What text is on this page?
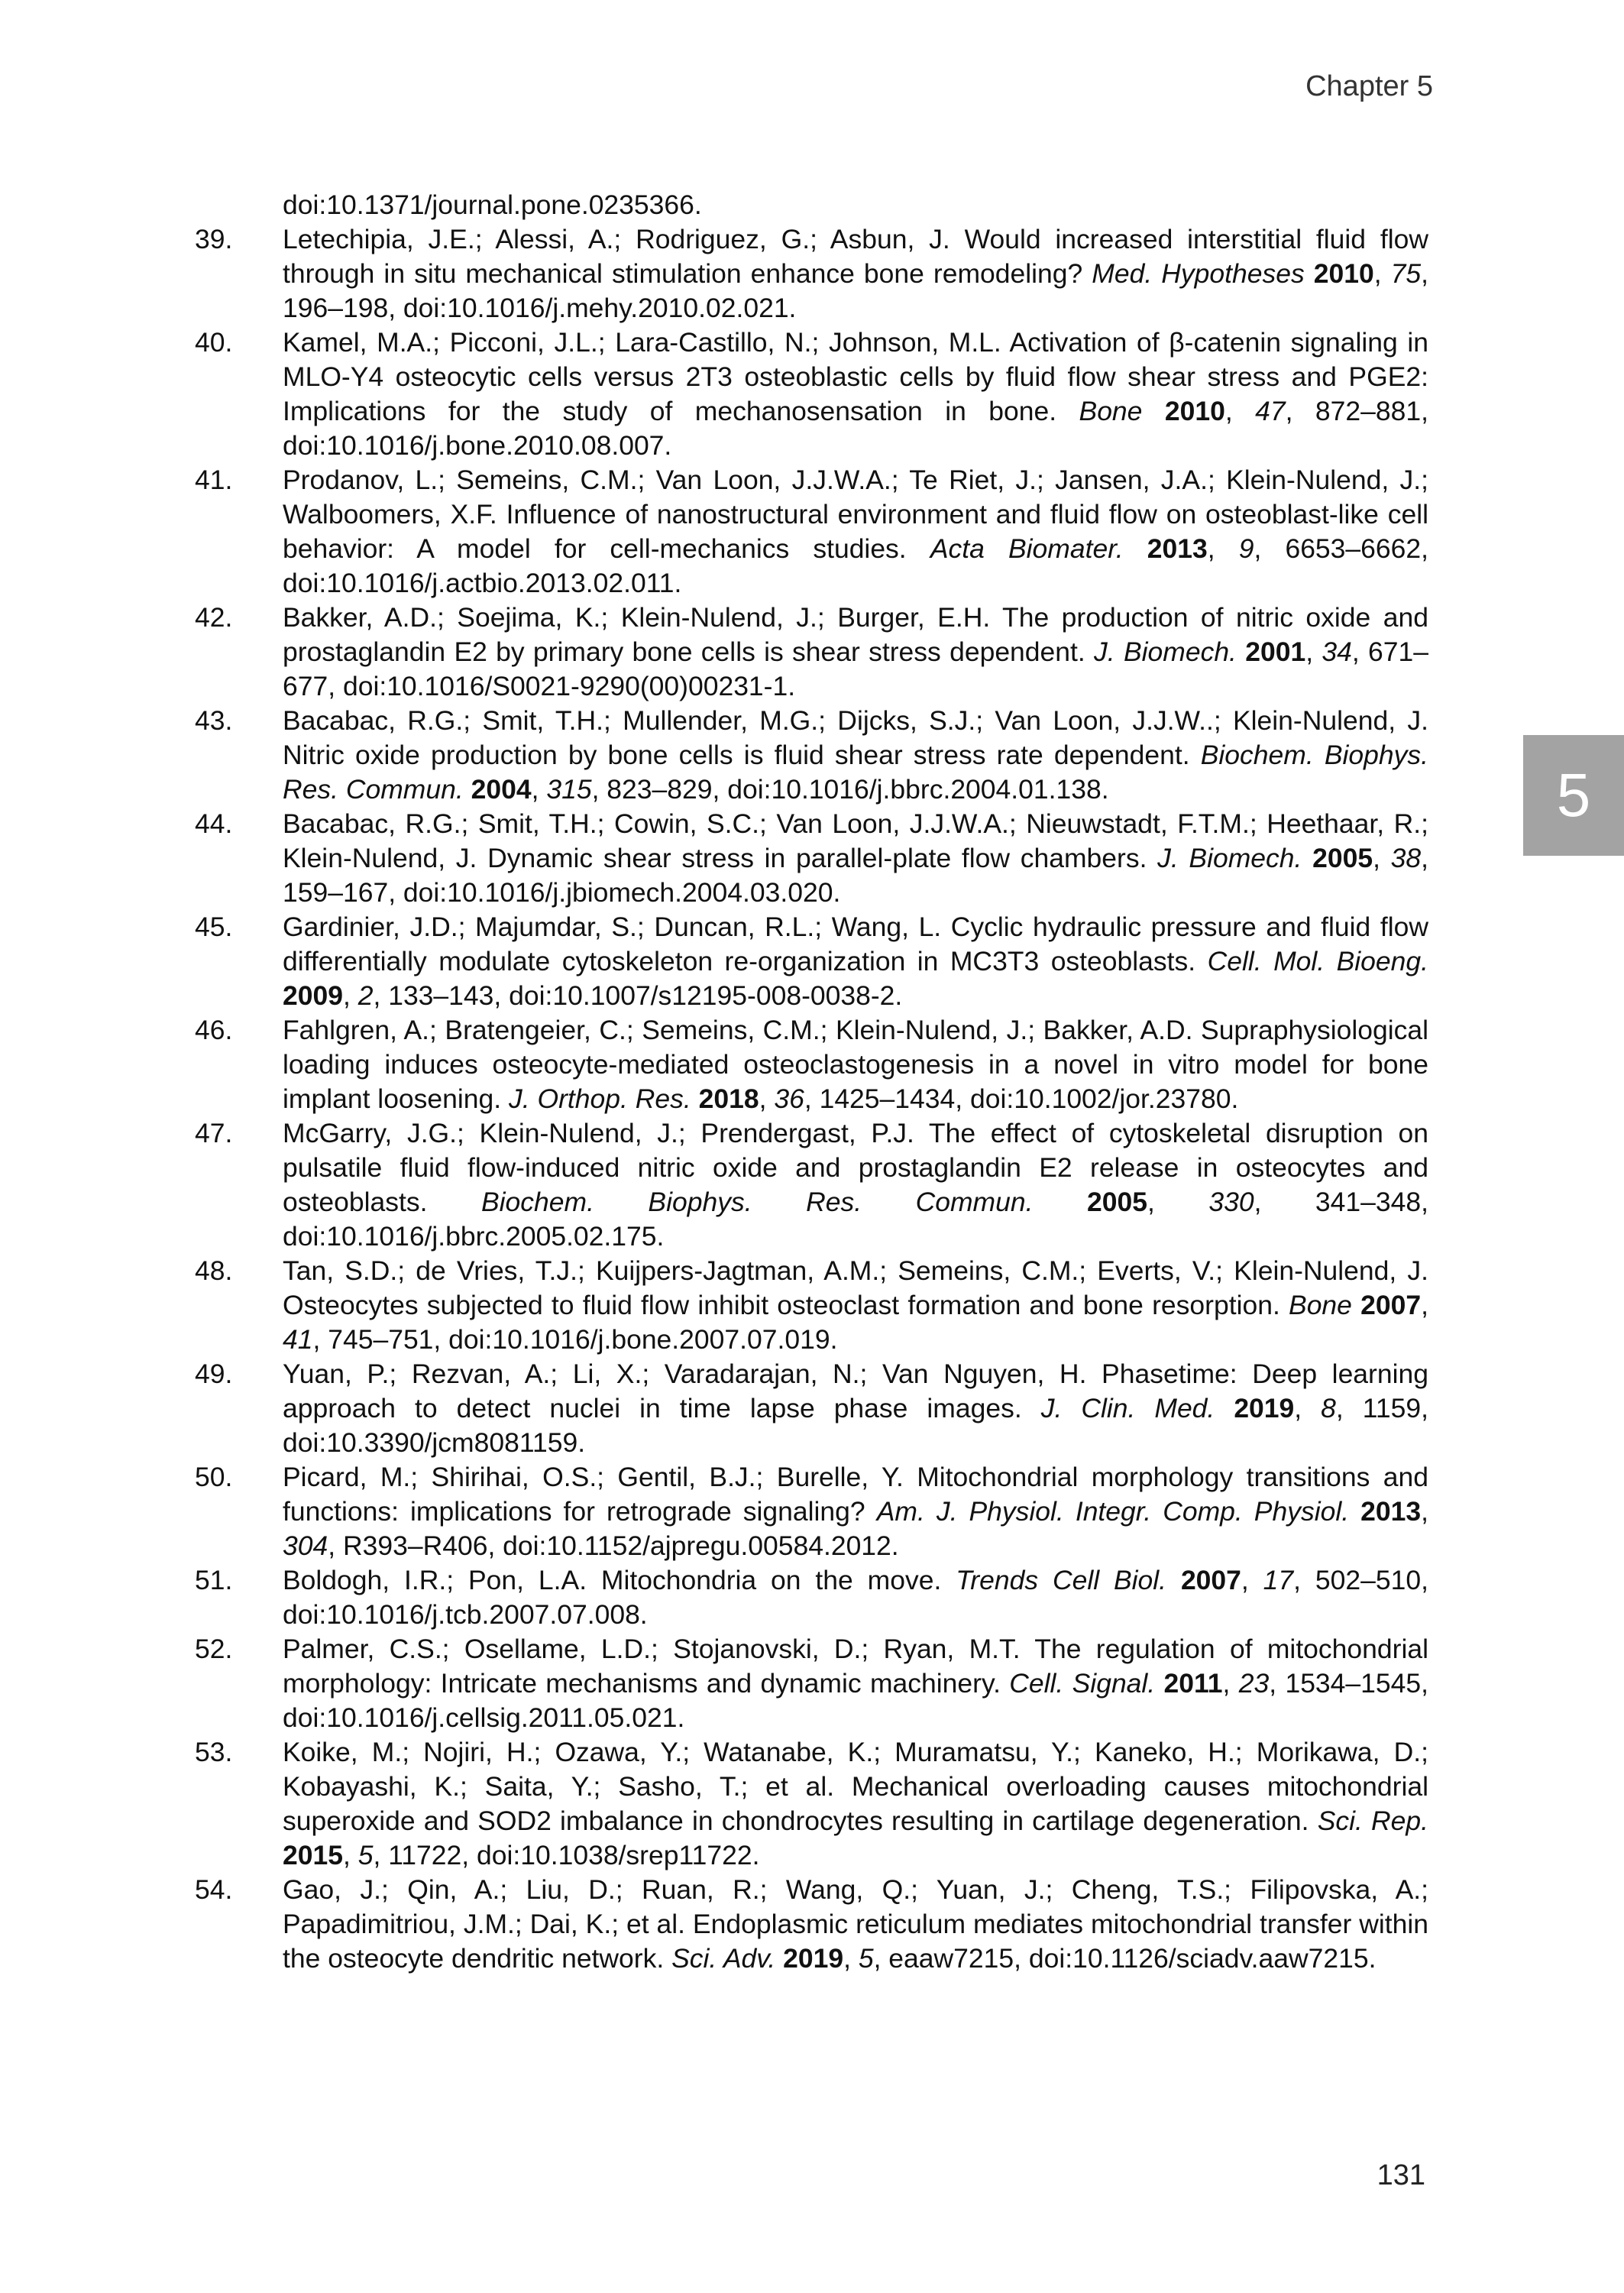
Chapter 5
5
doi:10.1371/journal.pone.0235366.
39.	Letechipia, J.E.; Alessi, A.; Rodriguez, G.; Asbun, J. Would increased interstitial fluid flow through in situ mechanical stimulation enhance bone remodeling? Med. Hypotheses 2010, 75, 196–198, doi:10.1016/j.mehy.2010.02.021.
40.	Kamel, M.A.; Picconi, J.L.; Lara-Castillo, N.; Johnson, M.L. Activation of β-catenin signaling in MLO-Y4 osteocytic cells versus 2T3 osteoblastic cells by fluid flow shear stress and PGE2: Implications for the study of mechanosensation in bone. Bone 2010, 47, 872–881, doi:10.1016/j.bone.2010.08.007.
41.	Prodanov, L.; Semeins, C.M.; Van Loon, J.J.W.A.; Te Riet, J.; Jansen, J.A.; Klein-Nulend, J.; Walboomers, X.F. Influence of nanostructural environment and fluid flow on osteoblast-like cell behavior: A model for cell-mechanics studies. Acta Biomater. 2013, 9, 6653–6662, doi:10.1016/j.actbio.2013.02.011.
42.	Bakker, A.D.; Soejima, K.; Klein-Nulend, J.; Burger, E.H. The production of nitric oxide and prostaglandin E2 by primary bone cells is shear stress dependent. J. Biomech. 2001, 34, 671–677, doi:10.1016/S0021-9290(00)00231-1.
43.	Bacabac, R.G.; Smit, T.H.; Mullender, M.G.; Dijcks, S.J.; Van Loon, J.J.W..; Klein-Nulend, J. Nitric oxide production by bone cells is fluid shear stress rate dependent. Biochem. Biophys. Res. Commun. 2004, 315, 823–829, doi:10.1016/j.bbrc.2004.01.138.
44.	Bacabac, R.G.; Smit, T.H.; Cowin, S.C.; Van Loon, J.J.W.A.; Nieuwstadt, F.T.M.; Heethaar, R.; Klein-Nulend, J. Dynamic shear stress in parallel-plate flow chambers. J. Biomech. 2005, 38, 159–167, doi:10.1016/j.jbiomech.2004.03.020.
45.	Gardinier, J.D.; Majumdar, S.; Duncan, R.L.; Wang, L. Cyclic hydraulic pressure and fluid flow differentially modulate cytoskeleton re-organization in MC3T3 osteoblasts. Cell. Mol. Bioeng. 2009, 2, 133–143, doi:10.1007/s12195-008-0038-2.
46.	Fahlgren, A.; Bratengeier, C.; Semeins, C.M.; Klein-Nulend, J.; Bakker, A.D. Supraphysiological loading induces osteocyte-mediated osteoclastogenesis in a novel in vitro model for bone implant loosening. J. Orthop. Res. 2018, 36, 1425–1434, doi:10.1002/jor.23780.
47.	McGarry, J.G.; Klein-Nulend, J.; Prendergast, P.J. The effect of cytoskeletal disruption on pulsatile fluid flow-induced nitric oxide and prostaglandin E2 release in osteocytes and osteoblasts. Biochem. Biophys. Res. Commun. 2005, 330, 341–348, doi:10.1016/j.bbrc.2005.02.175.
48.	Tan, S.D.; de Vries, T.J.; Kuijpers-Jagtman, A.M.; Semeins, C.M.; Everts, V.; Klein-Nulend, J. Osteocytes subjected to fluid flow inhibit osteoclast formation and bone resorption. Bone 2007, 41, 745–751, doi:10.1016/j.bone.2007.07.019.
49.	Yuan, P.; Rezvan, A.; Li, X.; Varadarajan, N.; Van Nguyen, H. Phasetime: Deep learning approach to detect nuclei in time lapse phase images. J. Clin. Med. 2019, 8, 1159, doi:10.3390/jcm8081159.
50.	Picard, M.; Shirihai, O.S.; Gentil, B.J.; Burelle, Y. Mitochondrial morphology transitions and functions: implications for retrograde signaling? Am. J. Physiol. Integr. Comp. Physiol. 2013, 304, R393–R406, doi:10.1152/ajpregu.00584.2012.
51.	Boldogh, I.R.; Pon, L.A. Mitochondria on the move. Trends Cell Biol. 2007, 17, 502–510, doi:10.1016/j.tcb.2007.07.008.
52.	Palmer, C.S.; Osellame, L.D.; Stojanovski, D.; Ryan, M.T. The regulation of mitochondrial morphology: Intricate mechanisms and dynamic machinery. Cell. Signal. 2011, 23, 1534–1545, doi:10.1016/j.cellsig.2011.05.021.
53.	Koike, M.; Nojiri, H.; Ozawa, Y.; Watanabe, K.; Muramatsu, Y.; Kaneko, H.; Morikawa, D.; Kobayashi, K.; Saita, Y.; Sasho, T.; et al. Mechanical overloading causes mitochondrial superoxide and SOD2 imbalance in chondrocytes resulting in cartilage degeneration. Sci. Rep. 2015, 5, 11722, doi:10.1038/srep11722.
54.	Gao, J.; Qin, A.; Liu, D.; Ruan, R.; Wang, Q.; Yuan, J.; Cheng, T.S.; Filipovska, A.; Papadimitriou, J.M.; Dai, K.; et al. Endoplasmic reticulum mediates mitochondrial transfer within the osteocyte dendritic network. Sci. Adv. 2019, 5, eaaw7215, doi:10.1126/sciadv.aaw7215.
131
